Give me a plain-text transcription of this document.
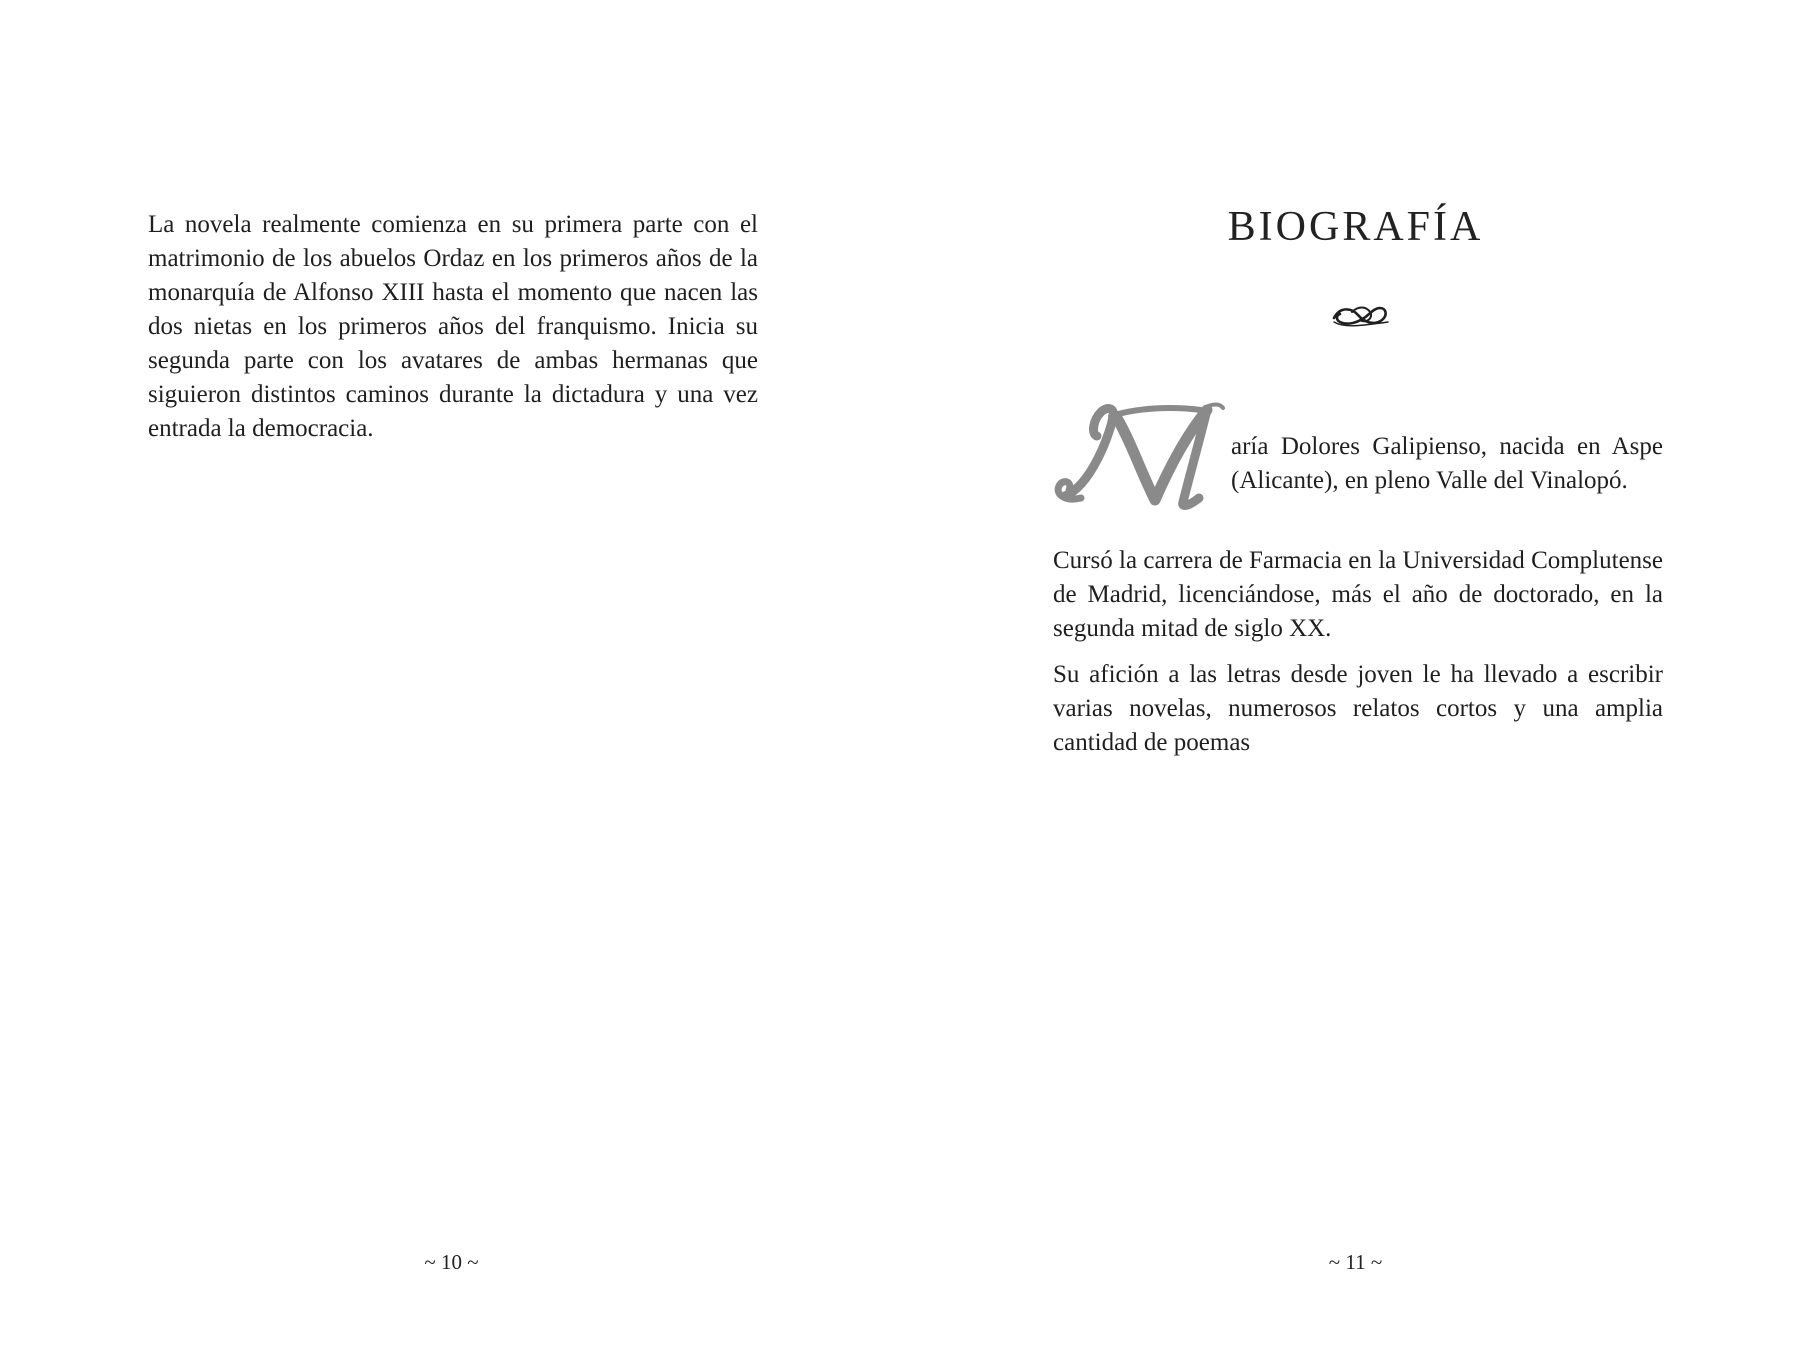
La novela realmente comienza en su primera parte con el matrimonio de los abuelos Ordaz en los primeros años de la monarquía de Alfonso XIII hasta el momento que nacen las dos nietas en los primeros años del franquismo. Inicia su segunda parte con los avatares de ambas hermanas que siguieron distintos caminos durante la dictadura y una vez entrada la democracia.

~ 10 ~
BIOGRAFÍA

aría Dolores Galipienso, nacida en Aspe (Alicante), en pleno Valle del Vinalopó.

Cursó la carrera de Farmacia en la Universidad Complutense de Madrid, licenciándose, más el año de doctorado, en la segunda mitad de siglo XX.

Su afición a las letras desde joven le ha llevado a escribir varias novelas, numerosos relatos cortos y una amplia cantidad de poemas

~ 11 ~
